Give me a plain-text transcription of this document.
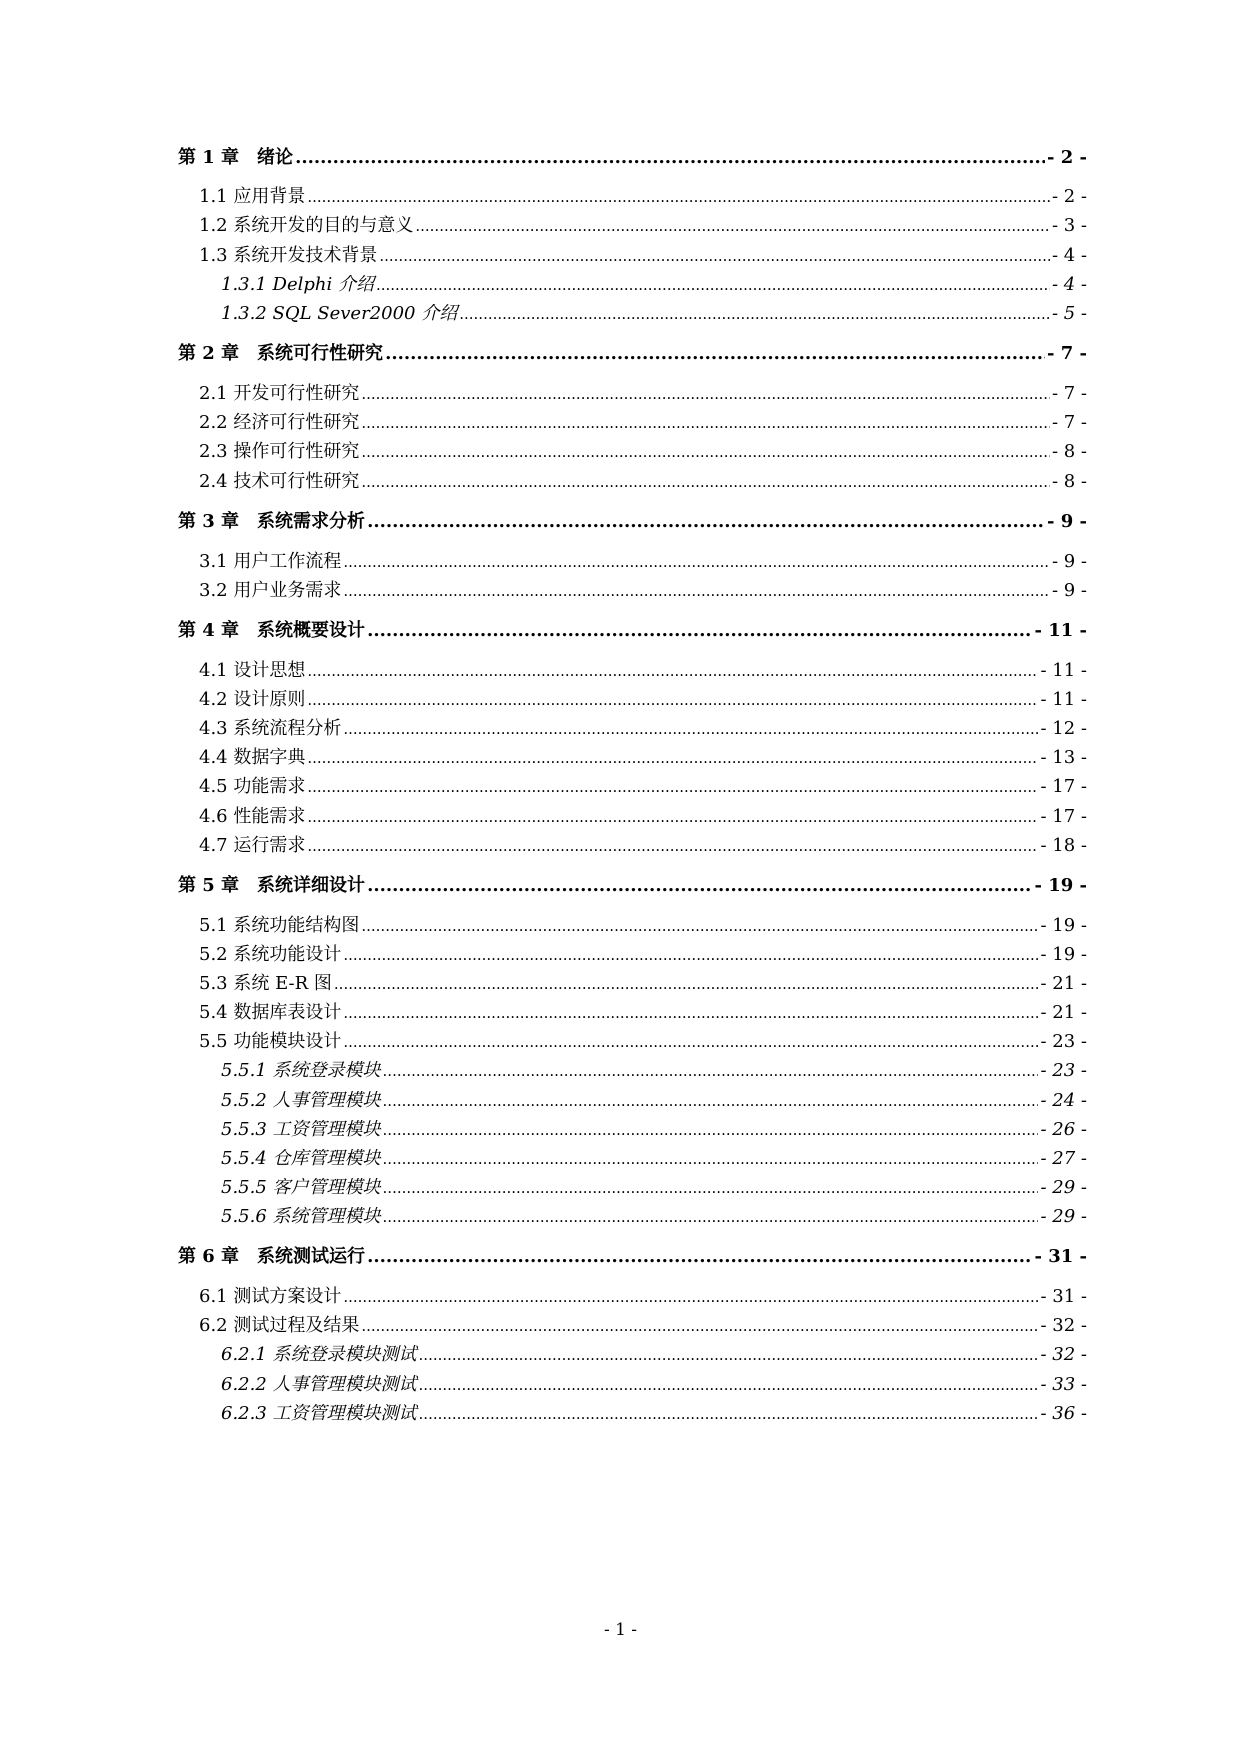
第 1 章　绪论 .....	- 2 -
1.1 应用背景 .....	- 2 -
1.2 系统开发的目的与意义 .....	- 3 -
1.3 系统开发技术背景 .....	- 4 -
1.3.1 Delphi 介绍 .....	- 4 -
1.3.2 SQL Sever2000 介绍 .....	- 5 -
第 2 章　系统可行性研究 .....	- 7 -
2.1 开发可行性研究 .....	- 7 -
2.2 经济可行性研究 .....	- 7 -
2.3 操作可行性研究 .....	- 8 -
2.4 技术可行性研究 .....	- 8 -
第 3 章　系统需求分析 .....	- 9 -
3.1 用户工作流程 .....	- 9 -
3.2 用户业务需求 .....	- 9 -
第 4 章　系统概要设计 .....	- 11 -
4.1 设计思想 .....	- 11 -
4.2 设计原则 .....	- 11 -
4.3 系统流程分析 .....	- 12 -
4.4 数据字典 .....	- 13 -
4.5 功能需求 .....	- 17 -
4.6 性能需求 .....	- 17 -
4.7 运行需求 .....	- 18 -
第 5 章　系统详细设计 .....	- 19 -
5.1 系统功能结构图 .....	- 19 -
5.2 系统功能设计 .....	- 19 -
5.3 系统 E-R 图 .....	- 21 -
5.4 数据库表设计 .....	- 21 -
5.5 功能模块设计 .....	- 23 -
5.5.1 系统登录模块 .....	- 23 -
5.5.2 人事管理模块 .....	- 24 -
5.5.3 工资管理模块 .....	- 26 -
5.5.4 仓库管理模块 .....	- 27 -
5.5.5 客户管理模块 .....	- 29 -
5.5.6 系统管理模块 .....	- 29 -
第 6 章　系统测试运行 .....	- 31 -
6.1 测试方案设计 .....	- 31 -
6.2 测试过程及结果 .....	- 32 -
6.2.1 系统登录模块测试 .....	- 32 -
6.2.2 人事管理模块测试 .....	- 33 -
6.2.3 工资管理模块测试 .....	- 36 -
- 1 -
